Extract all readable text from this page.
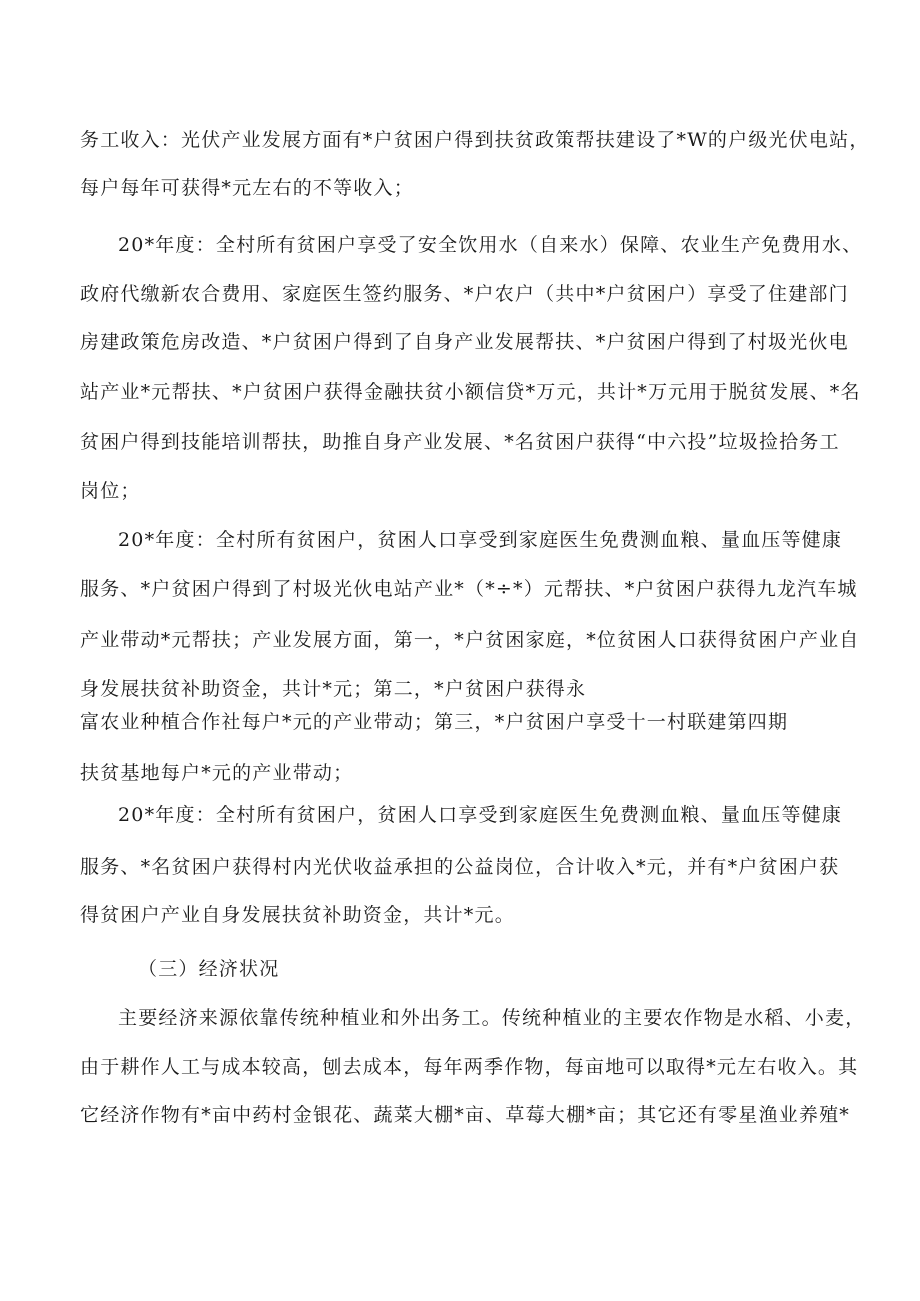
务工收入：光伏产业发展方面有*户贫困户得到扶贫政策帮扶建设了*W的户级光伏电站，
每户每年可获得*元左右的不等收入；
20*年度：全村所有贫困户享受了安全饮用水（自来水）保障、农业生产免费用水、
政府代缴新农合费用、家庭医生签约服务、*户农户（共中*户贫困户）享受了住建部门
房建政策危房改造、*户贫困户得到了自身产业发展帮扶、*户贫困户得到了村圾光伙电
站产业*元帮扶、*户贫困户获得金融扶贫小额信贷*万元，共计*万元用于脱贫发展、*名
贫困户得到技能培训帮扶，助推自身产业发展、*名贫困户获得“中六投”垃圾捡拾务工
岗位；
20*年度：全村所有贫困户，贫困人口享受到家庭医生免费测血粮、量血压等健康
服务、*户贫困户得到了村圾光伙电站产业*（*÷*）元帮扶、*户贫困户获得九龙汽车城
产业带动*元帮扶；产业发展方面，第一，*户贫困家庭，*位贫困人口获得贫困户产业自
身发展扶贫补助资金，共计*元；第二，*户贫困户获得永
富农业种植合作社每户*元的产业带动；第三，*户贫困户享受十一村联建第四期
扶贫基地每户*元的产业带动；
20*年度：全村所有贫困户，贫困人口享受到家庭医生免费测血粮、量血压等健康
服务、*名贫困户获得村内光伏收益承担的公益岗位，合计收入*元，并有*户贫困户获
得贫困户产业自身发展扶贫补助资金，共计*元。
（三）经济状况
主要经济来源依靠传统种植业和外出务工。传统种植业的主要农作物是水稻、小麦，
由于耕作人工与成本较高，刨去成本，每年两季作物，每亩地可以取得*元左右收入。其
它经济作物有*亩中药村金银花、蔬菜大棚*亩、草莓大棚*亩；其它还有零星渔业养殖*
